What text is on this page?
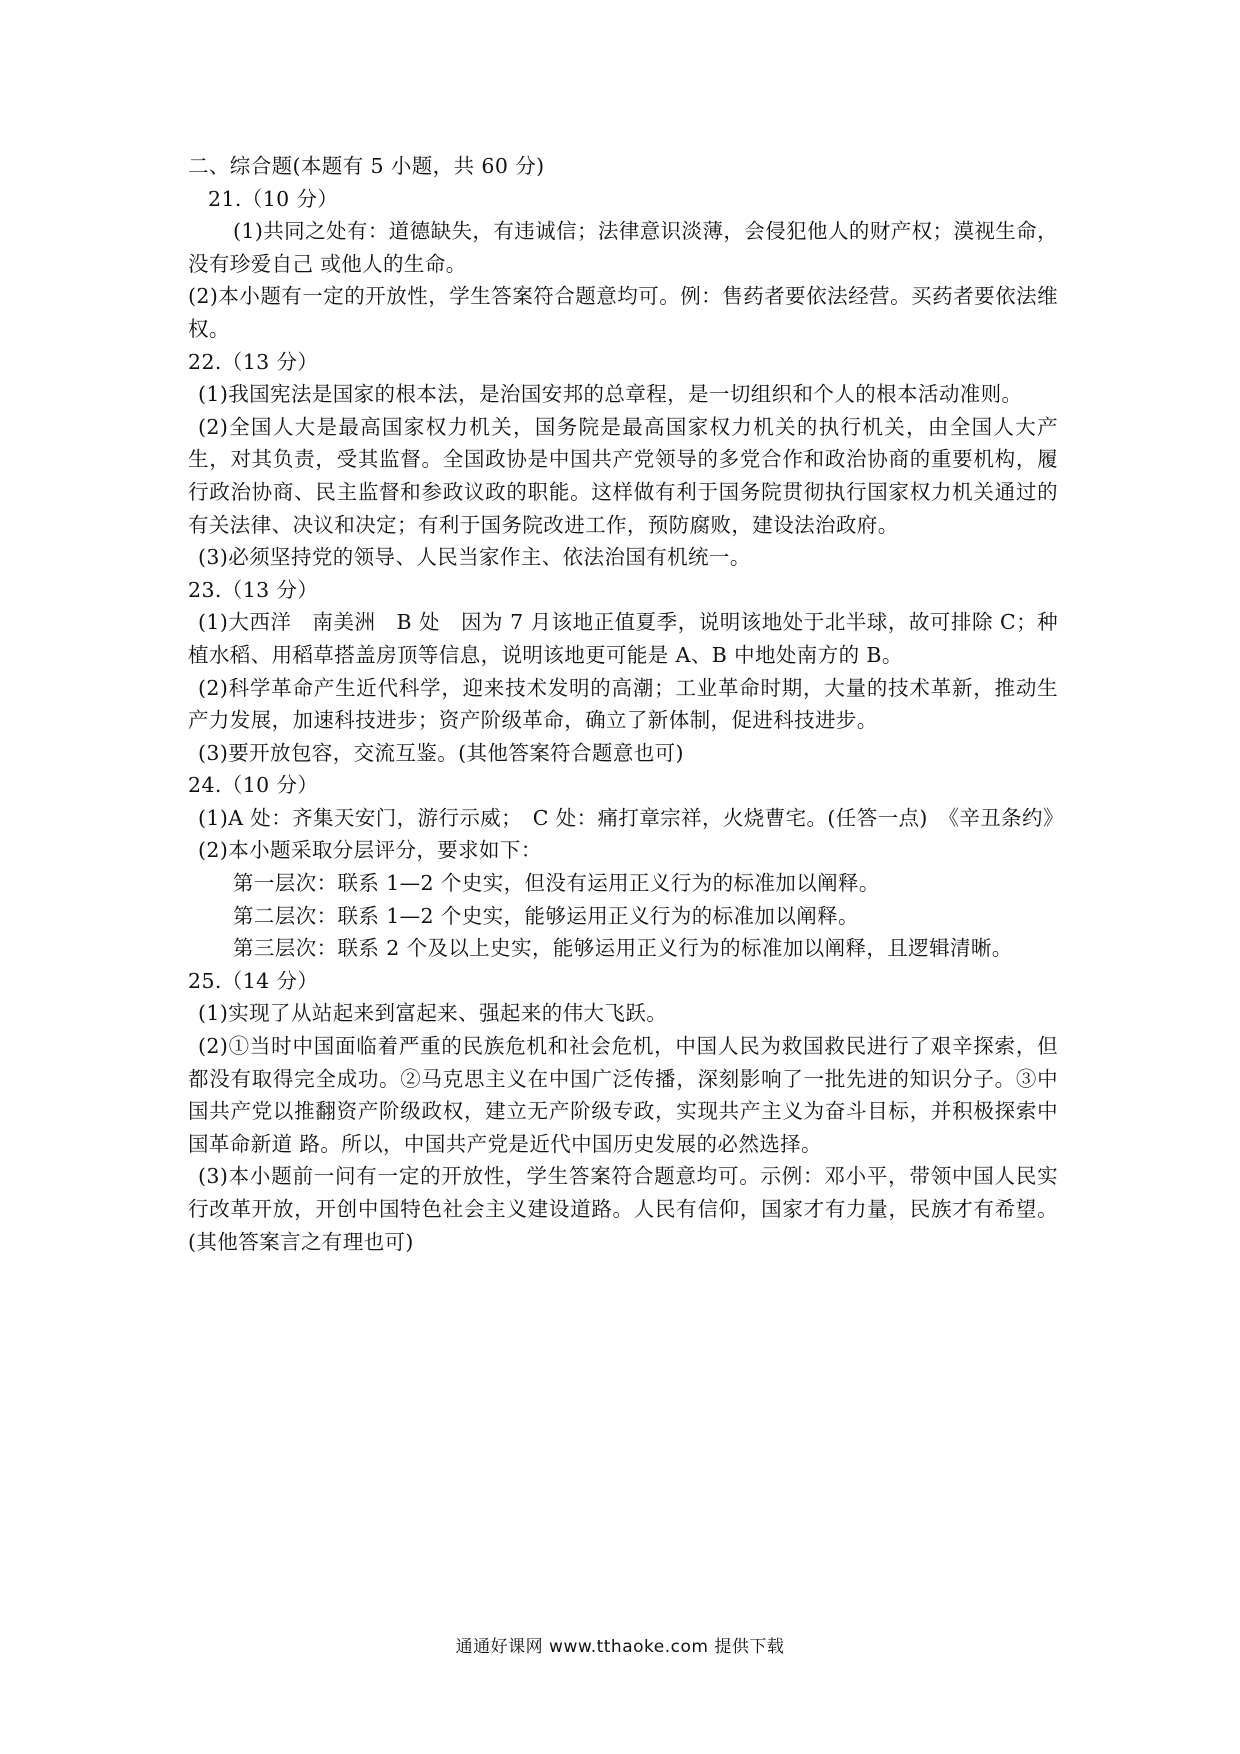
二、综合题(本题有 5 小题，共 60 分)

21.（10 分）

(1)共同之处有：道德缺失，有违诚信；法律意识淡薄，会侵犯他人的财产权；漠视生命，没有珍爱自己 或他人的生命。

(2)本小题有一定的开放性，学生答案符合题意均可。例：售药者要依法经营。买药者要依法维权。

22.（13 分）

(1)我国宪法是国家的根本法，是治国安邦的总章程，是一切组织和个人的根本活动准则。

(2)全国人大是最高国家权力机关，国务院是最高国家权力机关的执行机关，由全国人大产生，对其负责，受其监督。全国政协是中国共产党领导的多党合作和政治协商的重要机构，履行政治协商、民主监督和参政议政的职能。这样做有利于国务院贯彻执行国家权力机关通过的有关法律、决议和决定；有利于国务院改进工作，预防腐败，建设法治政府。

(3)必须坚持党的领导、人民当家作主、依法治国有机统一。

23.（13 分）

(1)大西洋　南美洲　B 处　因为 7 月该地正值夏季，说明该地处于北半球，故可排除 C；种植水稻、用稻草搭盖房顶等信息，说明该地更可能是 A、B 中地处南方的 B。

(2)科学革命产生近代科学，迎来技术发明的高潮；工业革命时期，大量的技术革新，推动生产力发展，加速科技进步；资产阶级革命，确立了新体制，促进科技进步。

(3)要开放包容，交流互鉴。(其他答案符合题意也可)

24.（10 分）

(1)A 处：齐集天安门，游行示威；　C 处：痛打章宗祥，火烧曹宅。(任答一点)　《辛丑条约》

(2)本小题采取分层评分，要求如下：

第一层次：联系 1—2 个史实，但没有运用正义行为的标准加以阐释。

第二层次：联系 1—2 个史实，能够运用正义行为的标准加以阐释。

第三层次：联系 2 个及以上史实，能够运用正义行为的标准加以阐释，且逻辑清晰。

25.（14 分）

(1)实现了从站起来到富起来、强起来的伟大飞跃。

(2)①当时中国面临着严重的民族危机和社会危机，中国人民为救国救民进行了艰辛探索，但都没有取得完全成功。②马克思主义在中国广泛传播，深刻影响了一批先进的知识分子。③中国共产党以推翻资产阶级政权，建立无产阶级专政，实现共产主义为奋斗目标，并积极探索中国革命新道 路。所以，中国共产党是近代中国历史发展的必然选择。

(3)本小题前一问有一定的开放性，学生答案符合题意均可。示例：邓小平，带领中国人民实行改革开放，开创中国特色社会主义建设道路。人民有信仰，国家才有力量，民族才有希望。(其他答案言之有理也可)

通通好课网 www.tthaoke.com 提供下载
